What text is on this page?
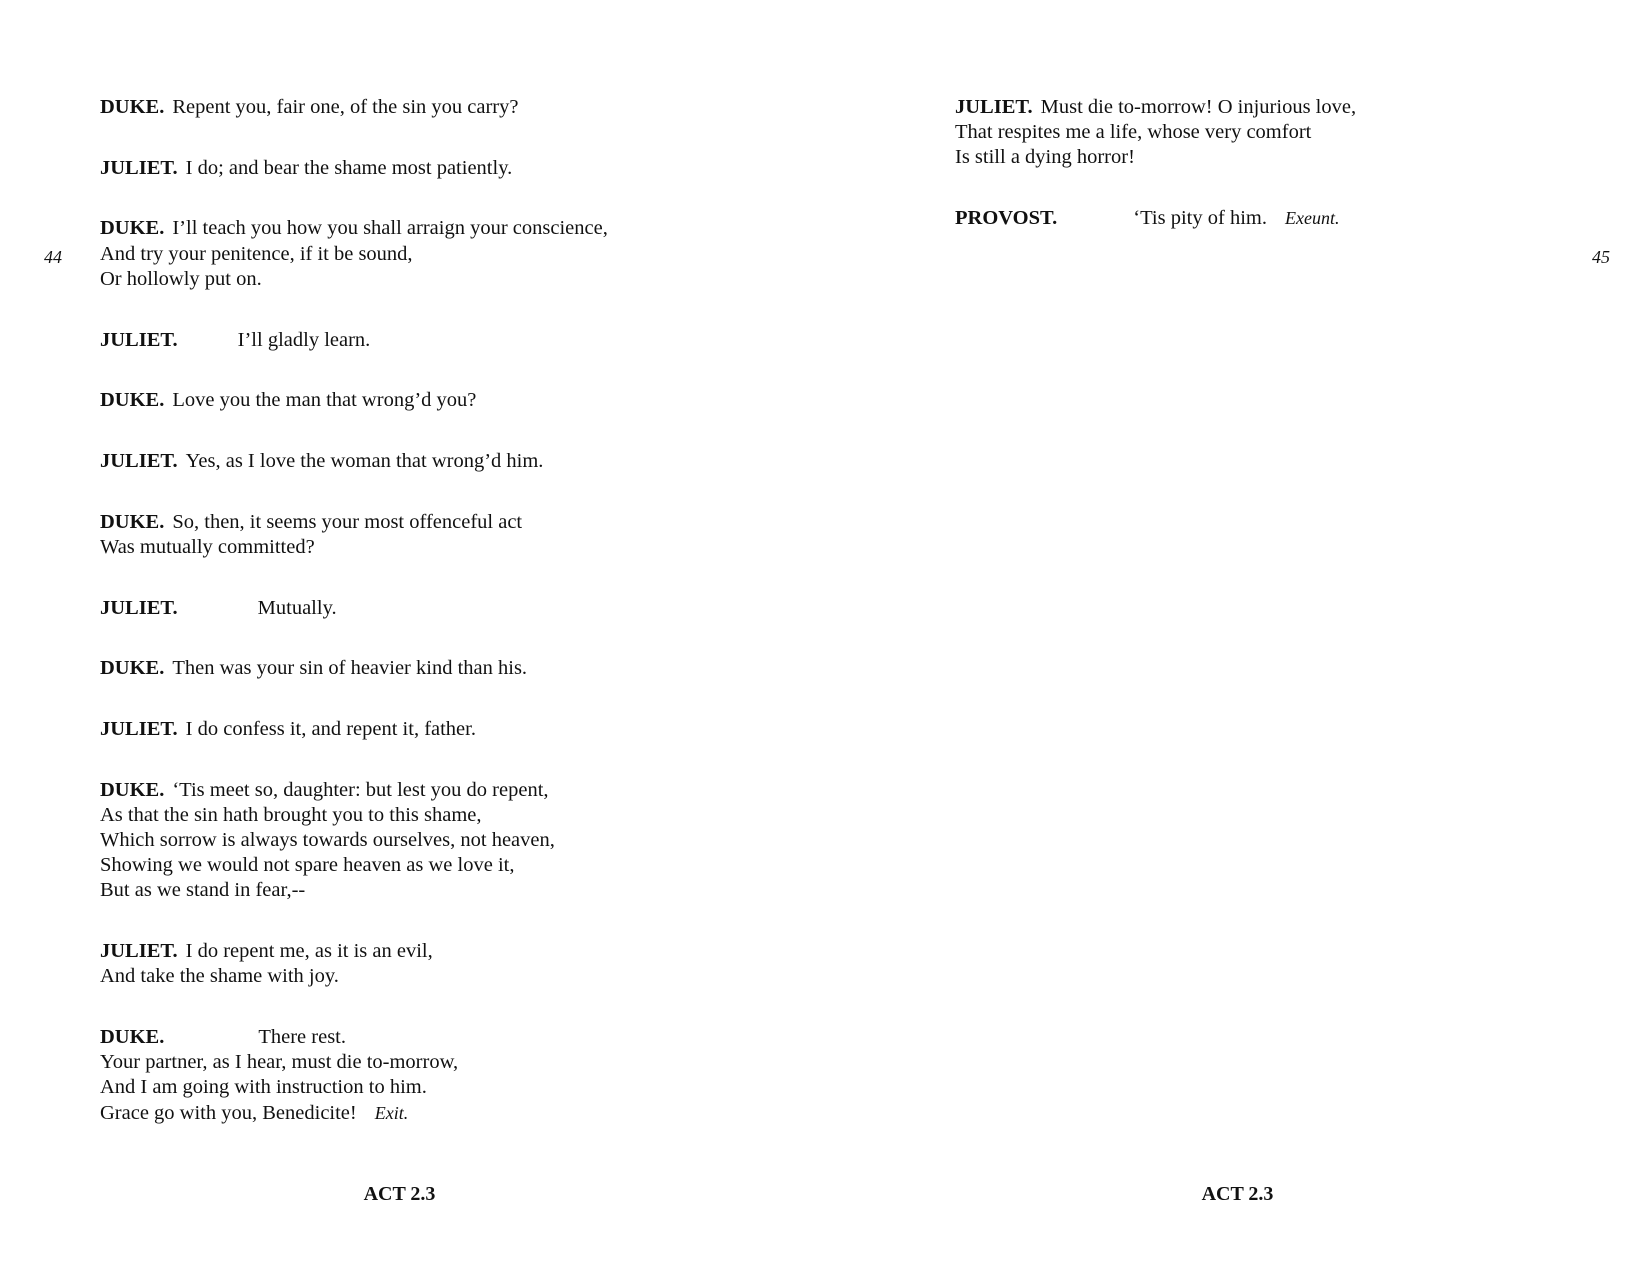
44
DUKE. Repent you, fair one, of the sin you carry?
JULIET. I do; and bear the shame most patiently.
DUKE. I’ll teach you how you shall arraign your conscience,
And try your penitence, if it be sound,
Or hollowly put on.
JULIET.	I’ll gladly learn.
DUKE. Love you the man that wrong’d you?
JULIET. Yes, as I love the woman that wrong’d him.
DUKE. So, then, it seems your most offenceful act
Was mutually committed?
JULIET.	Mutually.
DUKE. Then was your sin of heavier kind than his.
JULIET. I do confess it, and repent it, father.
DUKE. ‘Tis meet so, daughter: but lest you do repent,
As that the sin hath brought you to this shame,
Which sorrow is always towards ourselves, not heaven,
Showing we would not spare heaven as we love it,
But as we stand in fear,--
JULIET. I do repent me, as it is an evil,
And take the shame with joy.
DUKE.	There rest.
Your partner, as I hear, must die to-morrow,
And I am going with instruction to him.
Grace go with you, Benedicite! Exit.
ACT 2.3
45
JULIET. Must die to-morrow! O injurious love,
That respites me a life, whose very comfort
Is still a dying horror!
PROVOST.	‘Tis pity of him. Exeunt.
ACT 2.3
